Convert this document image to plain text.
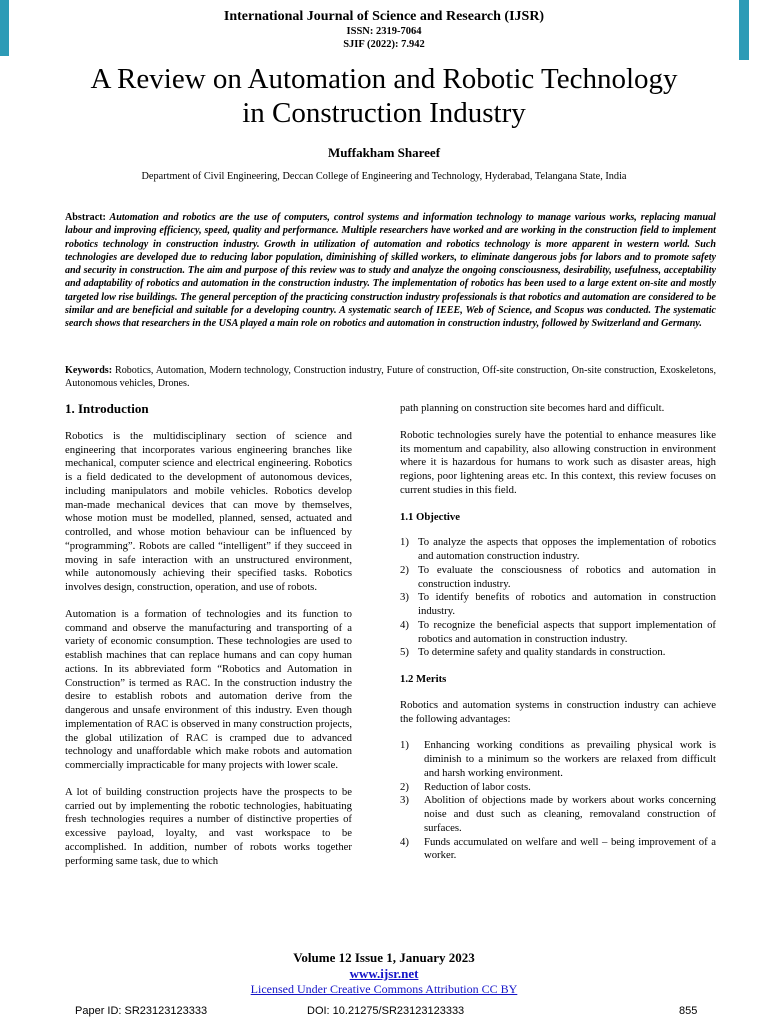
International Journal of Science and Research (IJSR)
ISSN: 2319-7064
SJIF (2022): 7.942
A Review on Automation and Robotic Technology
in Construction Industry
Muffakham Shareef
Department of Civil Engineering, Deccan College of Engineering and Technology, Hyderabad, Telangana State, India
Abstract: Automation and robotics are the use of computers, control systems and information technology to manage various works, replacing manual labour and improving efficiency, speed, quality and performance. Multiple researchers have worked and are working in the construction field to implement robotics technology in construction industry. Growth in utilization of automation and robotics technology is more apparent in western world. Such technologies are developed due to reducing labor population, diminishing of skilled workers, to eliminate dangerous jobs for labors and to promote safety and security in construction. The aim and purpose of this review was to study and analyze the ongoing consciousness, desirability, usefulness, acceptability and adaptability of robotics and automation in the construction industry. The implementation of robotics has been used to a large extent on-site and mostly targeted low rise buildings. The general perception of the practicing construction industry professionals is that robotics and automation are considered to be similar and are beneficial and suitable for a developing country. A systematic search of IEEE, Web of Science, and Scopus was conducted. The systematic search shows that researchers in the USA played a main role on robotics and automation in construction industry, followed by Switzerland and Germany.
Keywords: Robotics, Automation, Modern technology, Construction industry, Future of construction, Off-site construction, On-site construction, Exoskeletons, Autonomous vehicles, Drones.
1. Introduction

Robotics is the multidisciplinary section of science and engineering that incorporates various engineering branches like mechanical, computer science and electrical engineering. Robotics is a field dedicated to the development of autonomous devices, including manipulators and mobile vehicles. Robotics develop man-made mechanical devices that can move by themselves, whose motion must be modelled, planned, sensed, actuated and controlled, and whose motion behaviour can be influenced by “programming”. Robots are called “intelligent” if they succeed in moving in safe interaction with an unstructured environment, while autonomously achieving their specified tasks. Robotics involves design, construction, operation, and use of robots.

Automation is a formation of technologies and its function to command and observe the manufacturing and transporting of a variety of economic consumption. These technologies are used to establish machines that can replace humans and can copy human actions. In its abbreviated form “Robotics and Automation in Construction” is termed as RAC. In the construction industry the desire to establish robots and automation derive from the dangerous and unsafe environment of this industry. Even though implementation of RAC is observed in many construction projects, the global utilization of RAC is cramped due to advanced technology and unaffordable which make robots and automation commercially impracticable for many projects with lower scale.

A lot of building construction projects have the prospects to be carried out by implementing the robotic technologies, habituating fresh technologies requires a number of distinctive properties of excessive payload, loyalty, and vast workspace to be accomplished. In addition, number of robots works together performing same task, due to which

path planning on construction site becomes hard and difficult.

Robotic technologies surely have the potential to enhance measures like its momentum and capability, also allowing construction in environment where it is hazardous for humans to work such as disaster areas, high regions, poor lightening areas etc. In this context, this review focuses on current studies in this field.

1.1 Objective
1) To analyze the aspects that opposes the implementation of robotics and automation construction industry.
2) To evaluate the consciousness of robotics and automation in construction industry.
3) To identify benefits of robotics and automation in construction industry.
4) To recognize the beneficial aspects that support implementation of robotics and automation in construction industry.
5) To determine safety and quality standards in construction.
1.2 Merits

Robotics and automation systems in construction industry can achieve the following advantages:

1)	Enhancing working conditions as prevailing physical work is diminish to a minimum so the workers are relaxed from difficult and harsh working environment.
2)	Reduction of labor costs.
3)	Abolition of objections made by workers about works concerning noise and dust such as cleaning, removaland construction of surfaces.
4)	Funds accumulated on welfare and well – being improvement of a worker.
Volume 12 Issue 1, January 2023
www.ijsr.net
Licensed Under Creative Commons Attribution CC BY
Paper ID: SR23123123333	DOI: 10.21275/SR23123123333	855
